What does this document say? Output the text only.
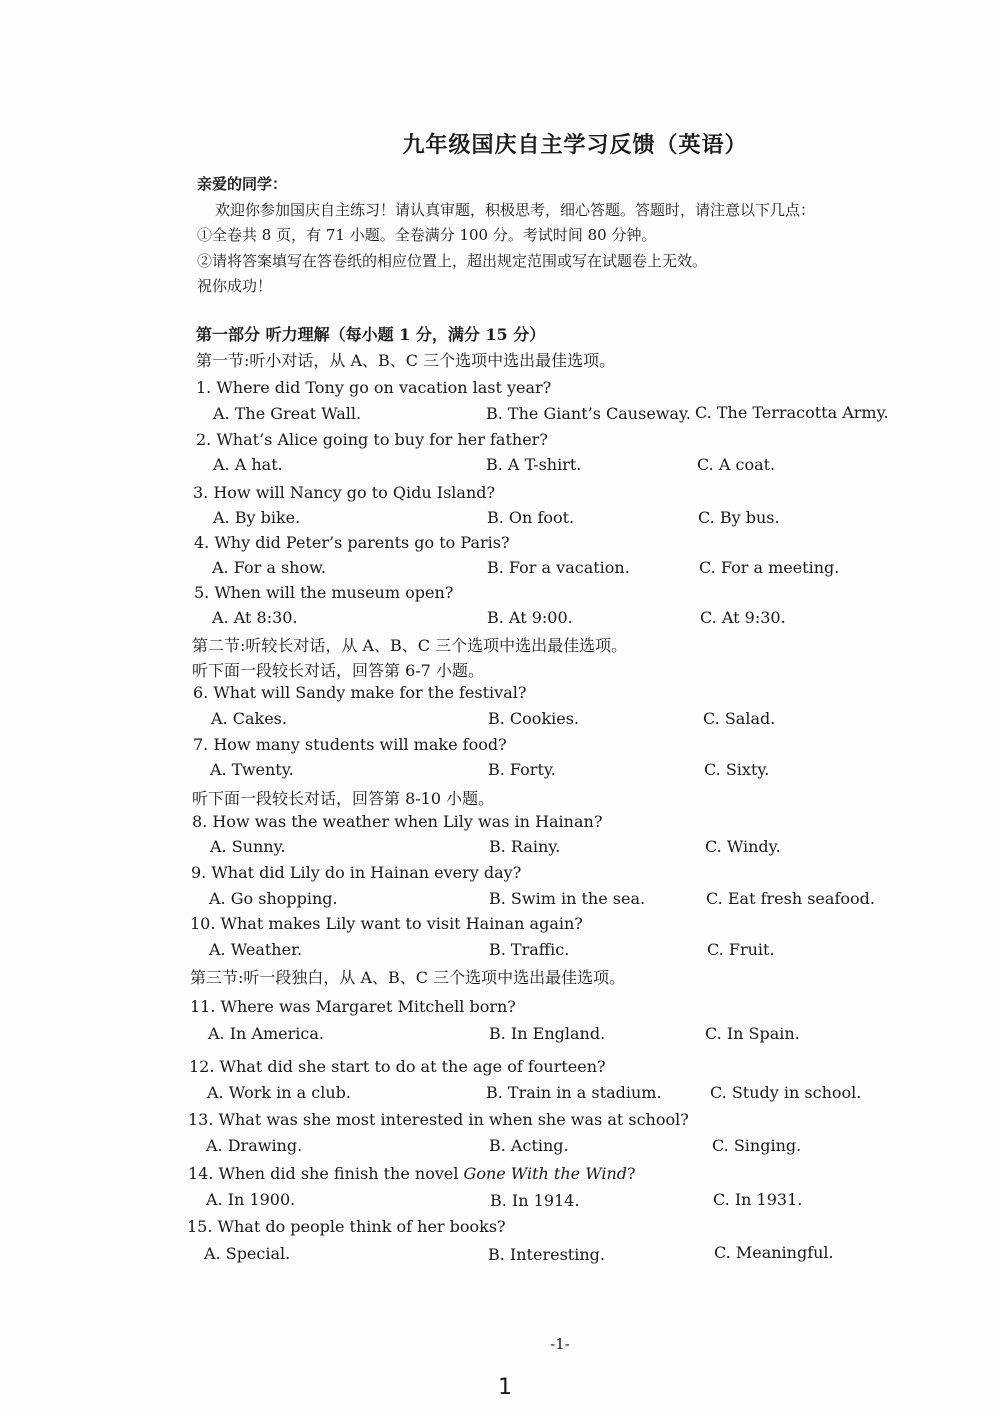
九年级国庆自主学习反馈（英语）
亲爱的同学：
欢迎你参加国庆自主练习！请认真审题，积极思考，细心答题。答题时，请注意以下几点：
①全卷共 8 页，有 71 小题。全卷满分 100 分。考试时间 80 分钟。
②请将答案填写在答卷纸的相应位置上，超出规定范围或写在试题卷上无效。
祝你成功！
第一部分 听力理解（每小题 1 分，满分 15 分）
第一节:听小对话，从 A、B、C 三个选项中选出最佳选项。
1. Where did Tony go on vacation last year?
A. The Great Wall.	B. The Giant’s Causeway. C. The Terracotta Army.
2. What’s Alice going to buy for her father?
A. A hat.	B. A T-shirt.	C. A coat.
3. How will Nancy go to Qidu Island?
A. By bike.	B. On foot.	C. By bus.
4. Why did Peter’s parents go to Paris?
A. For a show.	B. For a vacation.	C. For a meeting.
5. When will the museum open?
A. At 8:30.	B. At 9:00.	C. At 9:30.
第二节:听较长对话，从 A、B、C 三个选项中选出最佳选项。
听下面一段较长对话，回答第 6-7 小题。
6. What will Sandy make for the festival?
A. Cakes.	B. Cookies.	C. Salad.
7. How many students will make food?
A. Twenty.	B. Forty.	C. Sixty.
听下面一段较长对话，回答第 8-10 小题。
8. How was the weather when Lily was in Hainan?
A. Sunny.	B. Rainy.	C. Windy.
9. What did Lily do in Hainan every day?
A. Go shopping.	B. Swim in the sea.	C. Eat fresh seafood.
10. What makes Lily want to visit Hainan again?
A. Weather.	B. Traffic.	C. Fruit.
第三节:听一段独白，从 A、B、C 三个选项中选出最佳选项。
11. Where was Margaret Mitchell born?
A. In America.	B. In England.	C. In Spain.
12. What did she start to do at the age of fourteen?
A. Work in a club.	B. Train in a stadium.	C. Study in school.
13. What was she most interested in when she was at school?
A. Drawing.	B. Acting.	C. Singing.
14. When did she finish the novel Gone With the Wind?
A. In 1900.	B. In 1914.	C. In 1931.
15. What do people think of her books?
A. Special.	B. Interesting.	C. Meaningful.
-1-
1
